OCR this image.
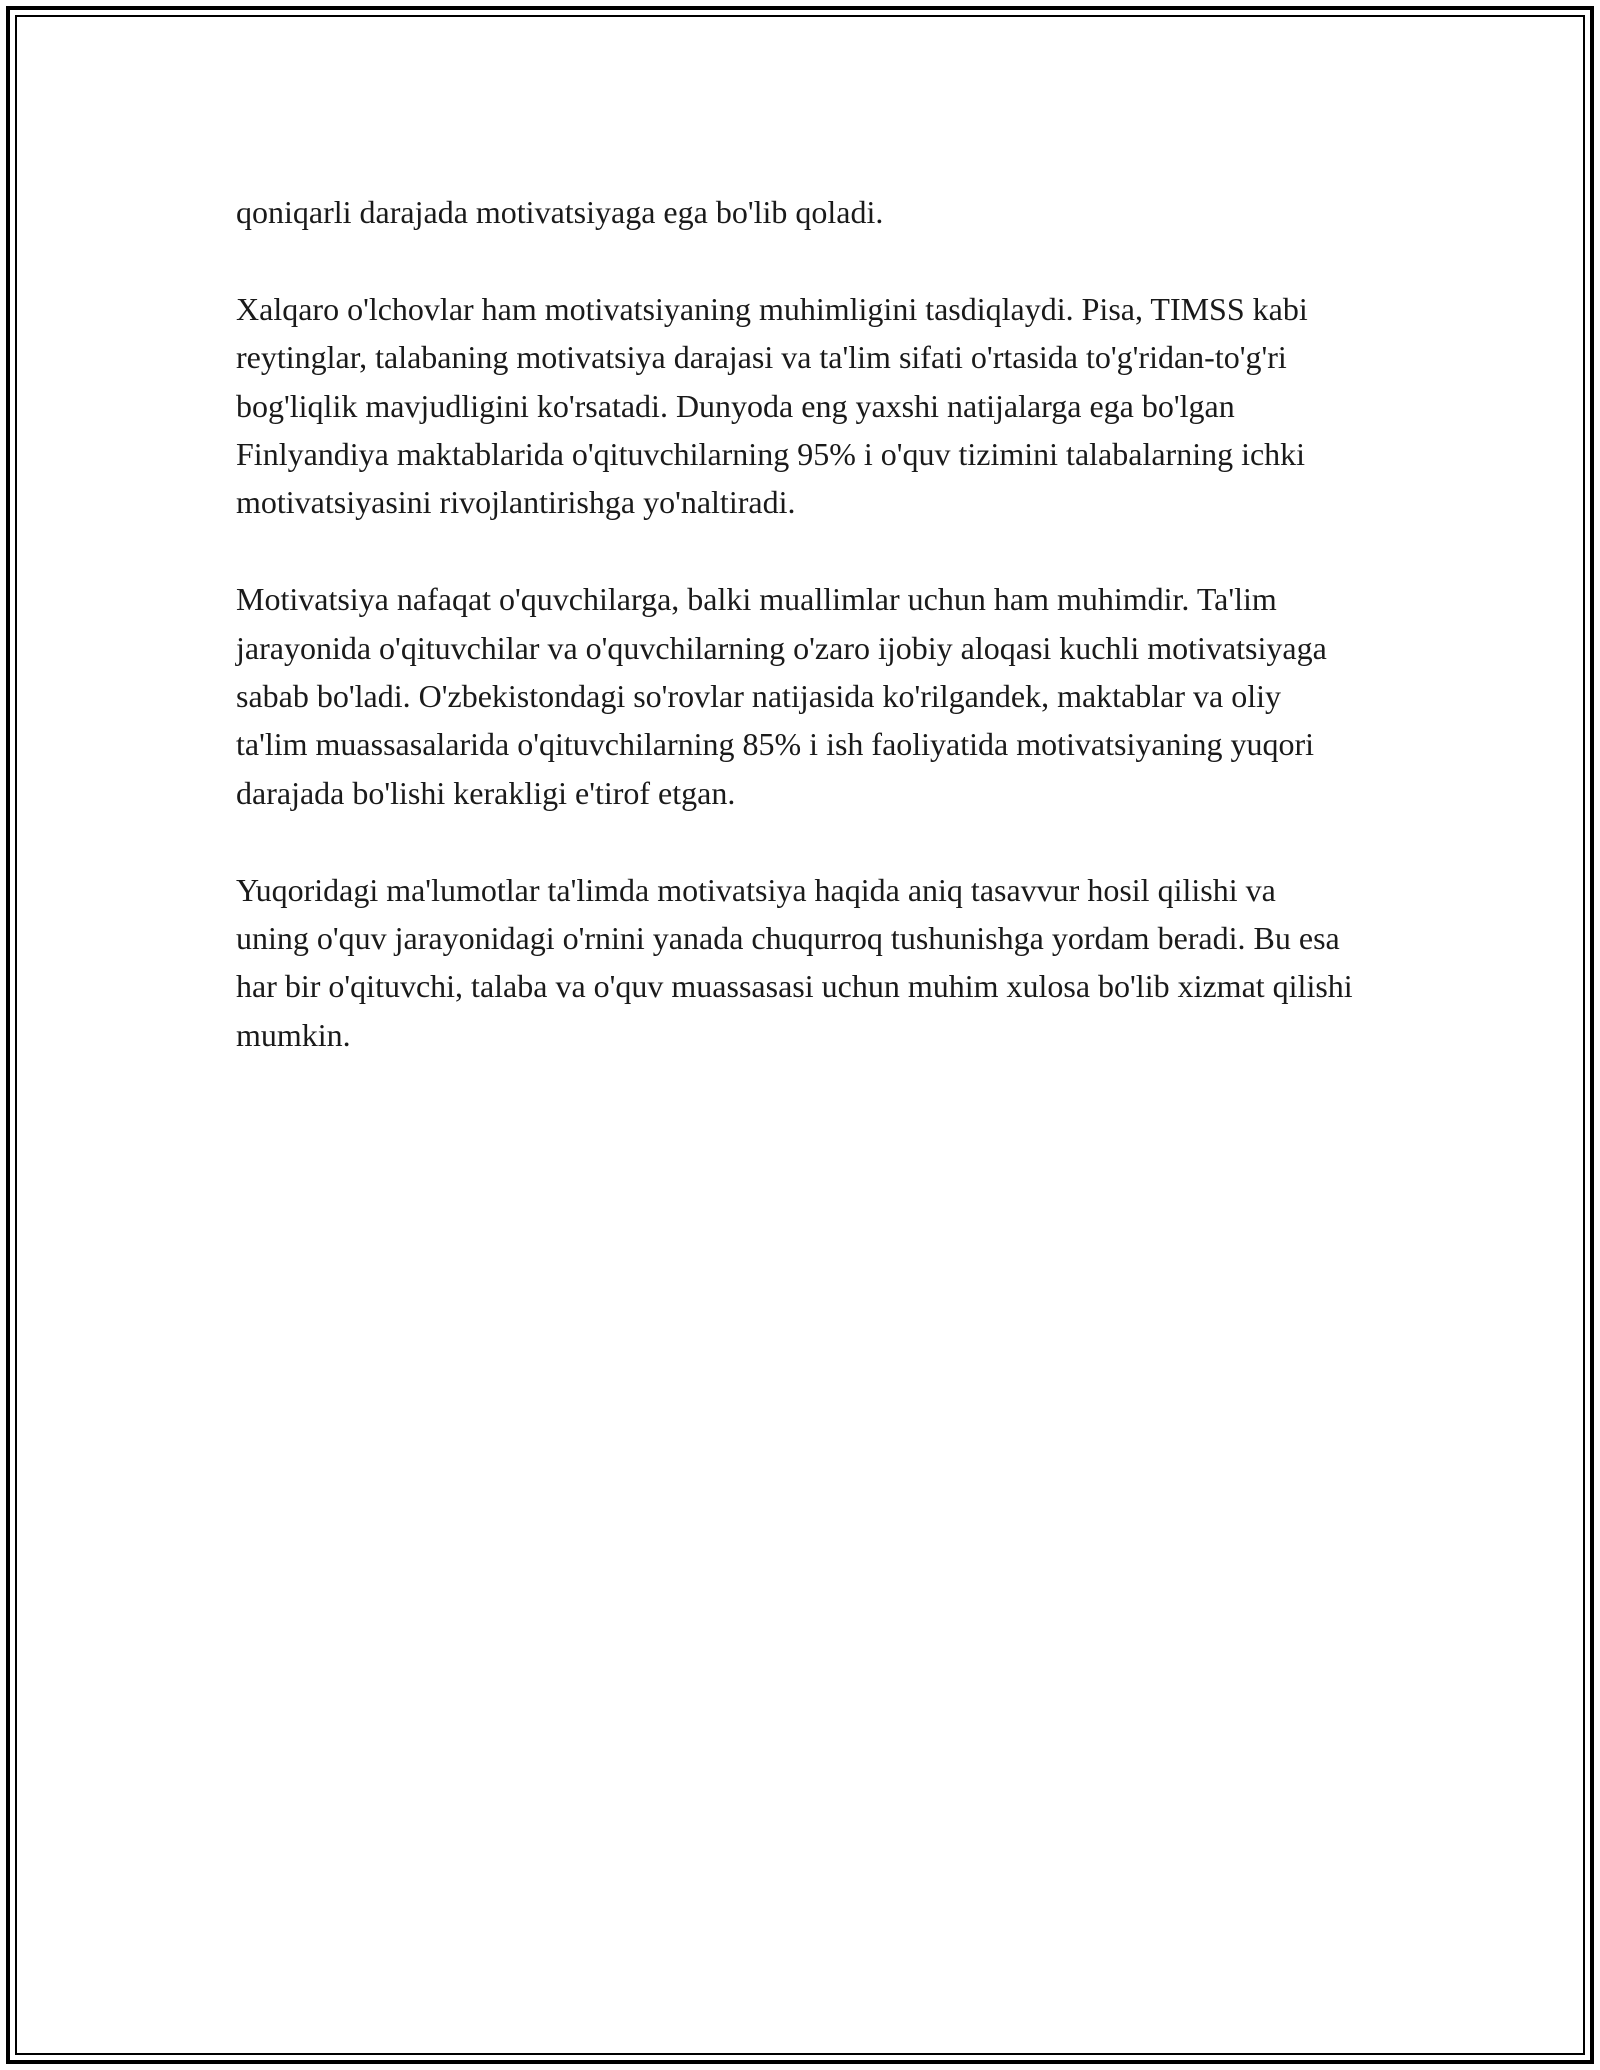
qoniqarli darajada motivatsiyaga ega bo'lib qoladi.

Xalqaro o'lchovlar ham motivatsiyaning muhimligini tasdiqlaydi. Pisa, TIMSS kabi reytinglar, talabaning motivatsiya darajasi va ta'lim sifati o'rtasida to'g'ridan-to'g'ri bog'liqlik mavjudligini ko'rsatadi. Dunyoda eng yaxshi natijalarga ega bo'lgan Finlyandiya maktablarida o'qituvchilarning 95% i o'quv tizimini talabalarning ichki motivatsiyasini rivojlantirishga yo'naltiradi.

Motivatsiya nafaqat o'quvchilarga, balki muallimlar uchun ham muhimdir. Ta'lim jarayonida o'qituvchilar va o'quvchilarning o'zaro ijobiy aloqasi kuchli motivatsiyaga sabab bo'ladi. O'zbekistondagi so'rovlar natijasida ko'rilgandek, maktablar va oliy ta'lim muassasalarida o'qituvchilarning 85% i ish faoliyatida motivatsiyaning yuqori darajada bo'lishi kerakligi e'tirof etgan.

Yuqoridagi ma'lumotlar ta'limda motivatsiya haqida aniq tasavvur hosil qilishi va uning o'quv jarayonidagi o'rnini yanada chuqurroq tushunishga yordam beradi. Bu esa har bir o'qituvchi, talaba va o'quv muassasasi uchun muhim xulosa bo'lib xizmat qilishi mumkin.
